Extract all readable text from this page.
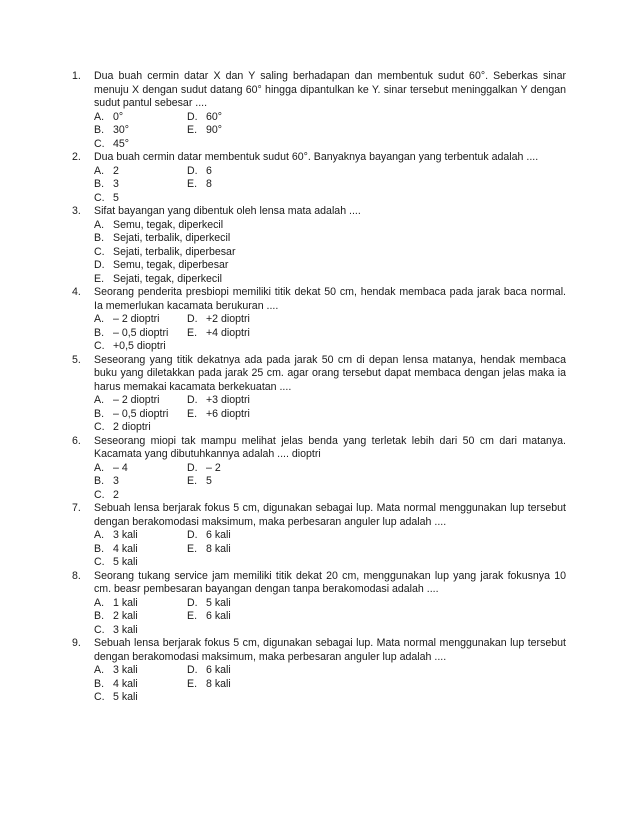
1. Dua buah cermin datar X dan Y saling berhadapan dan membentuk sudut 60°. Seberkas sinar menuju X dengan sudut datang 60° hingga dipantulkan ke Y. sinar tersebut meninggalkan Y dengan sudut pantul sebesar ....
A. 0°	D. 60°
B. 30°	E. 90°
C. 45°
2. Dua buah cermin datar membentuk sudut 60°. Banyaknya bayangan yang terbentuk adalah ....
A. 2	D. 6
B. 3	E. 8
C. 5
3. Sifat bayangan yang dibentuk oleh lensa mata adalah ....
A. Semu, tegak, diperkecil
B. Sejati, terbalik, diperkecil
C. Sejati, terbalik, diperbesar
D. Semu, tegak, diperbesar
E. Sejati, tegak, diperkecil
4. Seorang penderita presbiopi memiliki titik dekat 50 cm, hendak membaca pada jarak baca normal. Ia memerlukan kacamata berukuran ....
A. – 2 dioptri	D. +2 dioptri
B. – 0,5 dioptri E. +4 dioptri
C. +0,5 dioptri
5. Seseorang yang titik dekatnya ada pada jarak 50 cm di depan lensa matanya, hendak membaca buku yang diletakkan pada jarak 25 cm. agar orang tersebut dapat membaca dengan jelas maka ia harus memakai kacamata berkekuatan ....
A. – 2 dioptri	D. +3 dioptri
B. – 0,5 dioptri E. +6 dioptri
C. 2 dioptri
6. Seseorang miopi tak mampu melihat jelas benda yang terletak lebih dari 50 cm dari matanya. Kacamata yang dibutuhkannya adalah .... dioptri
A. – 4	D. – 2
B. 3	E. 5
C. 2
7. Sebuah lensa berjarak fokus 5 cm, digunakan sebagai lup. Mata normal menggunakan lup tersebut dengan berakomodasi maksimum, maka perbesaran anguler lup adalah ....
A. 3 kali	D. 6 kali
B. 4 kali	E. 8 kali
C. 5 kali
8. Seorang tukang service jam memiliki titik dekat 20 cm, menggunakan lup yang jarak fokusnya 10 cm. beasr pembesaran bayangan dengan tanpa berakomodasi adalah ....
A. 1 kali	D. 5 kali
B. 2 kali	E. 6 kali
C. 3 kali
9. Sebuah lensa berjarak fokus 5 cm, digunakan sebagai lup. Mata normal menggunakan lup tersebut dengan berakomodasi maksimum, maka perbesaran anguler lup adalah ....
A. 3 kali	D. 6 kali
B. 4 kali	E. 8 kali
C. 5 kali
